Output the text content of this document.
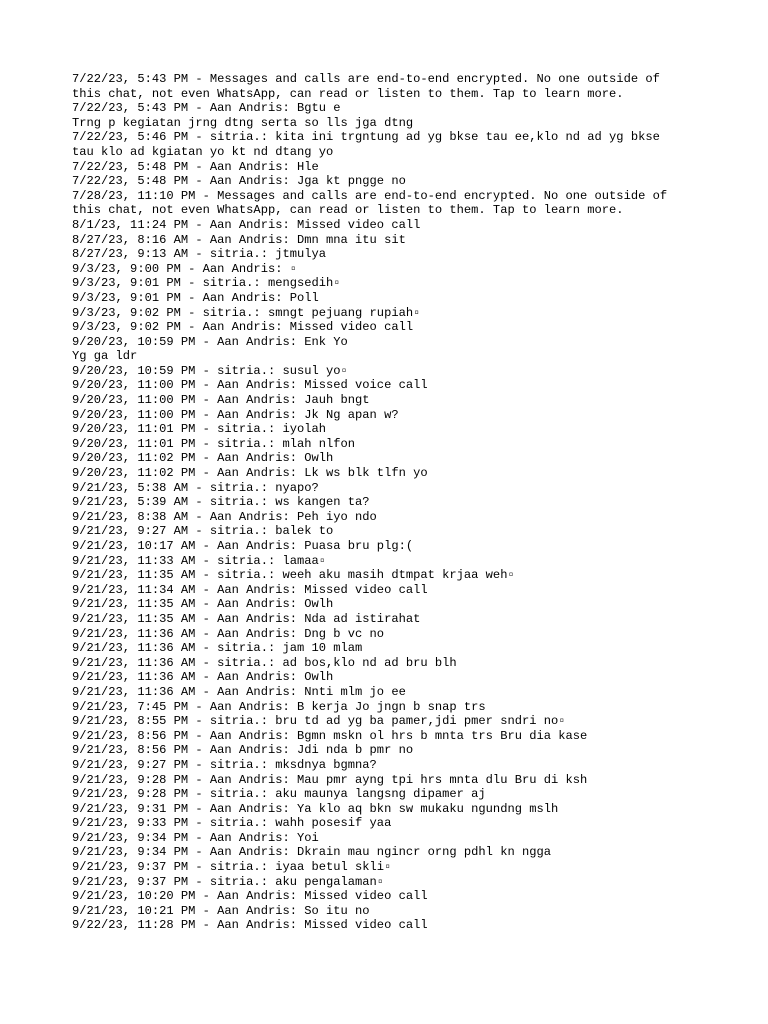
7/22/23, 5:43 PM - Messages and calls are end-to-end encrypted. No one outside of

this chat, not even WhatsApp, can read or listen to them. Tap to learn more.

7/22/23, 5:43 PM - Aan Andris: Bgtu e

Trng p kegiatan jrng dtng serta so lls jga dtng

7/22/23, 5:46 PM - sitria.: kita ini trgntung ad yg bkse tau ee,klo nd ad yg bkse

tau klo ad kgiatan yo kt nd dtang yo

7/22/23, 5:48 PM - Aan Andris: Hle

7/22/23, 5:48 PM - Aan Andris: Jga kt pngge no

7/28/23, 11:10 PM - Messages and calls are end-to-end encrypted. No one outside of

this chat, not even WhatsApp, can read or listen to them. Tap to learn more.

8/1/23, 11:24 PM - Aan Andris: Missed video call

8/27/23, 8:16 AM - Aan Andris: Dmn mna itu sit

8/27/23, 9:13 AM - sitria.: jtmulya

9/3/23, 9:00 PM - Aan Andris: ▫

9/3/23, 9:01 PM - sitria.: mengsedih▫

9/3/23, 9:01 PM - Aan Andris: Poll

9/3/23, 9:02 PM - sitria.: smngt pejuang rupiah▫

9/3/23, 9:02 PM - Aan Andris: Missed video call

9/20/23, 10:59 PM - Aan Andris: Enk Yo

Yg ga ldr

9/20/23, 10:59 PM - sitria.: susul yo▫

9/20/23, 11:00 PM - Aan Andris: Missed voice call

9/20/23, 11:00 PM - Aan Andris: Jauh bngt

9/20/23, 11:00 PM - Aan Andris: Jk Ng apan w?

9/20/23, 11:01 PM - sitria.: iyolah

9/20/23, 11:01 PM - sitria.: mlah nlfon

9/20/23, 11:02 PM - Aan Andris: Owlh

9/20/23, 11:02 PM - Aan Andris: Lk ws blk tlfn yo

9/21/23, 5:38 AM - sitria.: nyapo?

9/21/23, 5:39 AM - sitria.: ws kangen ta?

9/21/23, 8:38 AM - Aan Andris: Peh iyo ndo

9/21/23, 9:27 AM - sitria.: balek to

9/21/23, 10:17 AM - Aan Andris: Puasa bru plg:(

9/21/23, 11:33 AM - sitria.: lamaa▫

9/21/23, 11:35 AM - sitria.: weeh aku masih dtmpat krjaa weh▫

9/21/23, 11:34 AM - Aan Andris: Missed video call

9/21/23, 11:35 AM - Aan Andris: Owlh

9/21/23, 11:35 AM - Aan Andris: Nda ad istirahat

9/21/23, 11:36 AM - Aan Andris: Dng b vc no

9/21/23, 11:36 AM - sitria.: jam 10 mlam

9/21/23, 11:36 AM - sitria.: ad bos,klo nd ad bru blh

9/21/23, 11:36 AM - Aan Andris: Owlh

9/21/23, 11:36 AM - Aan Andris: Nnti mlm jo ee

9/21/23, 7:45 PM - Aan Andris: B kerja Jo jngn b snap trs

9/21/23, 8:55 PM - sitria.: bru td ad yg ba pamer,jdi pmer sndri no▫

9/21/23, 8:56 PM - Aan Andris: Bgmn mskn ol hrs b mnta trs Bru dia kase

9/21/23, 8:56 PM - Aan Andris: Jdi nda b pmr no

9/21/23, 9:27 PM - sitria.: mksdnya bgmna?

9/21/23, 9:28 PM - Aan Andris: Mau pmr ayng tpi hrs mnta dlu Bru di ksh

9/21/23, 9:28 PM - sitria.: aku maunya langsng dipamer aj

9/21/23, 9:31 PM - Aan Andris: Ya klo aq bkn sw mukaku ngundng mslh

9/21/23, 9:33 PM - sitria.: wahh posesif yaa

9/21/23, 9:34 PM - Aan Andris: Yoi

9/21/23, 9:34 PM - Aan Andris: Dkrain mau ngincr orng pdhl kn ngga

9/21/23, 9:37 PM - sitria.: iyaa betul skli▫

9/21/23, 9:37 PM - sitria.: aku pengalaman▫

9/21/23, 10:20 PM - Aan Andris: Missed video call

9/21/23, 10:21 PM - Aan Andris: So itu no

9/22/23, 11:28 PM - Aan Andris: Missed video call
